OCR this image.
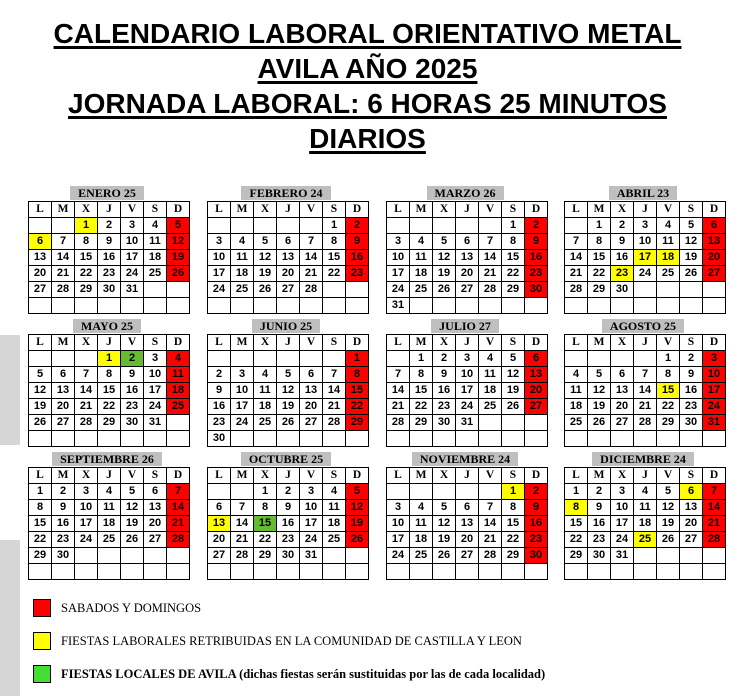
CALENDARIO LABORAL ORIENTATIVO METAL
AVILA AÑO 2025
JORNADA LABORAL: 6 HORAS 25 MINUTOS
DIARIOS
ENERO 25
L	M	X	J	V	S	D
		1	2	3	4	5
6	7	8	9	10	11	12
13	14	15	16	17	18	19
20	21	22	23	24	25	26
27	28	29	30	31		

FEBRERO 24
L	M	X	J	V	S	D
					1	2
3	4	5	6	7	8	9
10	11	12	13	14	15	16
17	18	19	20	21	22	23
24	25	26	27	28		

MARZO 26
L	M	X	J	V	S	D
					1	2
3	4	5	6	7	8	9
10	11	12	13	14	15	16
17	18	19	20	21	22	23
24	25	26	27	28	29	30
31						
ABRIL 23
L	M	X	J	V	S	D
	1	2	3	4	5	6
7	8	9	10	11	12	13
14	15	16	17	18	19	20
21	22	23	24	25	26	27
28	29	30				

MAYO 25
L	M	X	J	V	S	D
			1	2	3	4
5	6	7	8	9	10	11
12	13	14	15	16	17	18
19	20	21	22	23	24	25
26	27	28	29	30	31	

JUNIO 25
L	M	X	J	V	S	D
						1
2	3	4	5	6	7	8
9	10	11	12	13	14	15
16	17	18	19	20	21	22
23	24	25	26	27	28	29
30						
JULIO 27
L	M	X	J	V	S	D
	1	2	3	4	5	6
7	8	9	10	11	12	13
14	15	16	17	18	19	20
21	22	23	24	25	26	27
28	29	30	31			

AGOSTO 25
L	M	X	J	V	S	D
				1	2	3
4	5	6	7	8	9	10
11	12	13	14	15	16	17
18	19	20	21	22	23	24
25	26	27	28	29	30	31

SEPTIEMBRE 26
L	M	X	J	V	S	D
1	2	3	4	5	6	7
8	9	10	11	12	13	14
15	16	17	18	19	20	21
22	23	24	25	26	27	28
29	30					

OCTUBRE 25
L	M	X	J	V	S	D
		1	2	3	4	5
6	7	8	9	10	11	12
13	14	15	16	17	18	19
20	21	22	23	24	25	26
27	28	29	30	31		

NOVIEMBRE 24
L	M	X	J	V	S	D
					1	2
3	4	5	6	7	8	9
10	11	12	13	14	15	16
17	18	19	20	21	22	23
24	25	26	27	28	29	30

DICIEMBRE 24
L	M	X	J	V	S	D
1	2	3	4	5	6	7
8	9	10	11	12	13	14
15	16	17	18	19	20	21
22	23	24	25	26	27	28
29	30	31				

SABADOS Y DOMINGOS
FIESTAS LABORALES RETRIBUIDAS EN LA COMUNIDAD DE CASTILLA Y LEON
FIESTAS LOCALES DE AVILA (dichas fiestas serán sustituidas por las de cada localidad)
